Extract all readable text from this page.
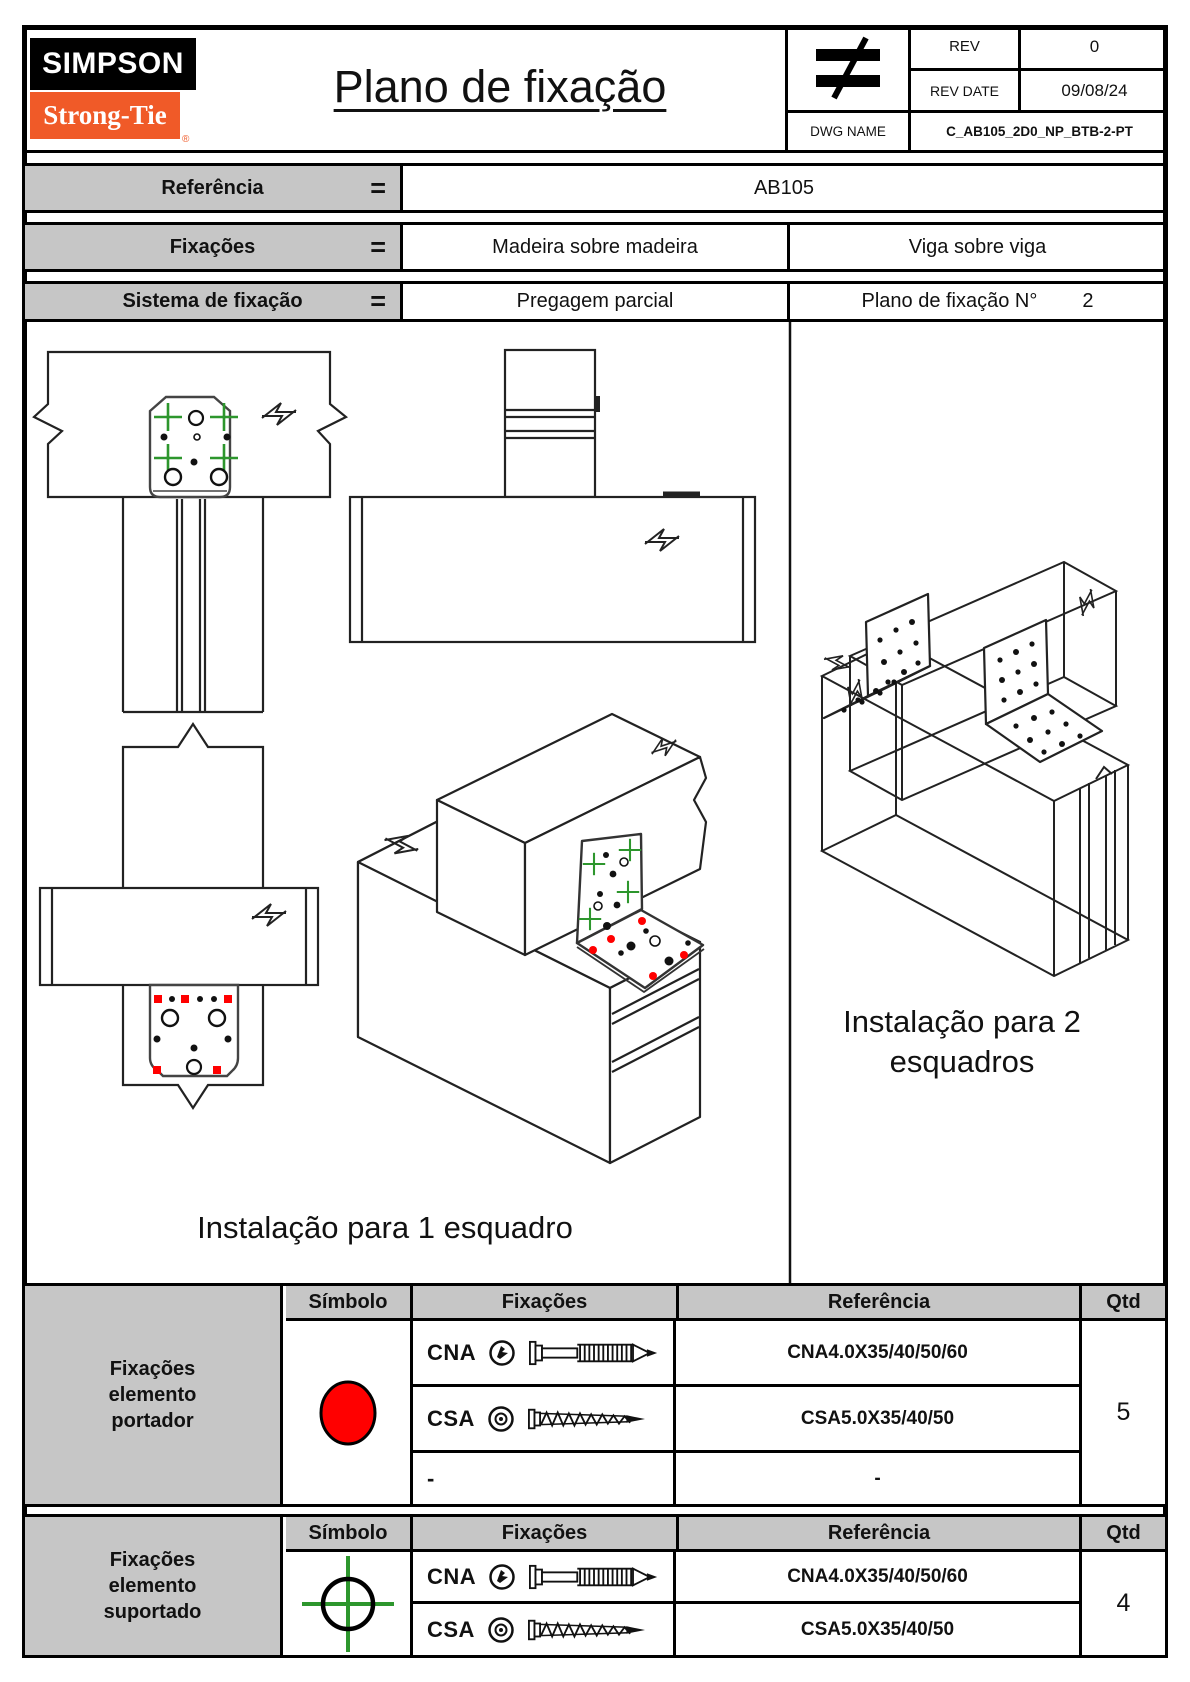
SIMPSON
Strong-Tie
®
Plano de fixação
REV	0
REV DATE	09/08/24
DWG NAME	C_AB105_2D0_NP_BTB-2-PT
Referência	=	AB105
Fixações	=	Madeira sobre madeira	Viga sobre viga
Sistema de fixação	=	Pregagem parcial	Plano de fixação N° 2
Instalação para 1 esquadro
Instalação para 2 esquadros
Fixações elemento portador
Símbolo	Fixações	Referência	Qtd
5
CNA	CNA4.0X35/40/50/60
CSA	CSA5.0X35/40/50
-	-
Fixações elemento suportado
Símbolo	Fixações	Referência	Qtd
4
CNA	CNA4.0X35/40/50/60
CSA	CSA5.0X35/40/50
